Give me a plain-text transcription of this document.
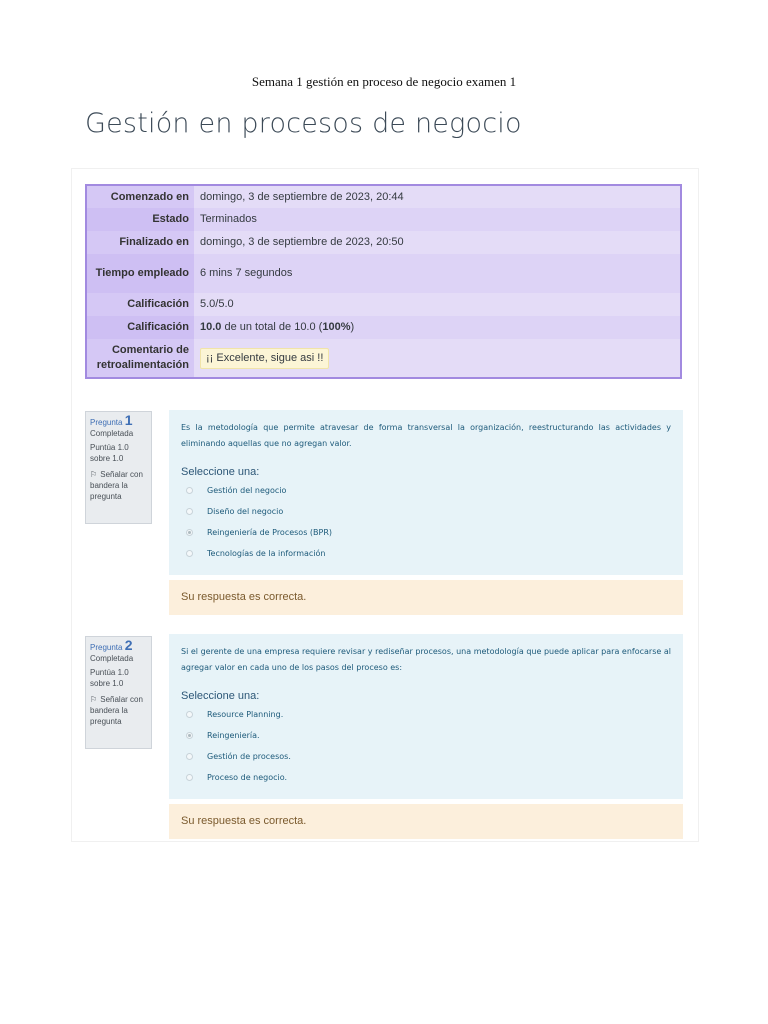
Semana 1 gestión en proceso de negocio examen 1
Gestión en procesos de negocio
Comenzado en	domingo, 3 de septiembre de 2023, 20:44
Estado	Terminados
Finalizado en	domingo, 3 de septiembre de 2023, 20:50
Tiempo empleado	6 mins 7 segundos
Calificación	5.0/5.0
Calificación	10.0 de un total de 10.0 (100%)
Comentario de retroalimentación	¡¡ Excelente, sigue asi !!
Pregunta 1
Completada
Puntúa 1.0 sobre 1.0
⚐ Señalar con bandera la pregunta
Es la metodología que permite atravesar de forma transversal la organización, reestructurando las actividades y eliminando aquellas que no agregan valor.
Seleccione una:
Gestión del negocio
Diseño del negocio
Reingeniería de Procesos (BPR)
Tecnologías de la información
Su respuesta es correcta.
Pregunta 2
Completada
Puntúa 1.0 sobre 1.0
⚐ Señalar con bandera la pregunta
Si el gerente de una empresa requiere revisar y rediseñar procesos, una metodología que puede aplicar para enfocarse al agregar valor en cada uno de los pasos del proceso es:
Seleccione una:
Resource Planning.
Reingeniería.
Gestión de procesos.
Proceso de negocio.
Su respuesta es correcta.
